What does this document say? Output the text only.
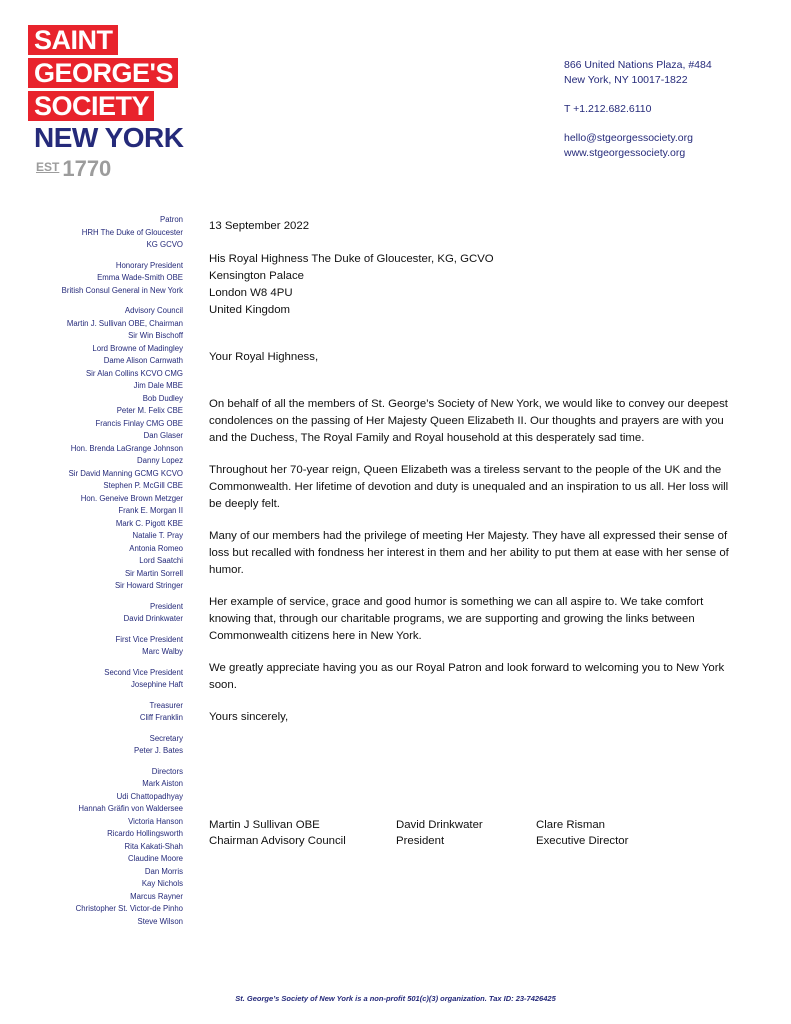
SAINT
GEORGE'S
SOCIETY
NEW YORK
$^{EST}$ 1770
866 United Nations Plaza, #484
New York, NY 10017-1822
T +1.212.682.6110
hello@stgeorgessociety.org
www.stgeorgessociety.org
Patron
HRH The Duke of Gloucester
KG GCVO
Honorary President
Emma Wade-Smith OBE
British Consul General in New York
Advisory Council
Martin J. Sullivan OBE, Chairman
Sir Win Bischoff
Lord Browne of Madingley
Dame Alison Carnwath
Sir Alan Collins KCVO CMG
Jim Dale MBE
Bob Dudley
Peter M. Felix CBE
Francis Finlay CMG OBE
Dan Glaser
Hon. Brenda LaGrange Johnson
Danny Lopez
Sir David Manning GCMG KCVO
Stephen P. McGill CBE
Hon. Geneive Brown Metzger
Frank E. Morgan II
Mark C. Pigott KBE
Natalie T. Pray
Antonia Romeo
Lord Saatchi
Sir Martin Sorrell
Sir Howard Stringer
President
David Drinkwater
First Vice President
Marc Walby
Second Vice President
Josephine Haft
Treasurer
Cliff Franklin
Secretary
Peter J. Bates
Directors
Mark Aiston
Udi Chattopadhyay
Hannah Gräfin von Waldersee
Victoria Hanson
Ricardo Hollingsworth
Rita Kakati-Shah
Claudine Moore
Dan Morris
Kay Nichols
Marcus Rayner
Christopher St. Victor-de Pinho
Steve Wilson

13 September 2022

His Royal Highness The Duke of Gloucester, KG, GCVO
Kensington Palace
London W8 4PU
United Kingdom

Your Royal Highness,

On behalf of all the members of St. George’s Society of New York, we would like to convey our deepest condolences on the passing of Her Majesty Queen Elizabeth II. Our thoughts and prayers are with you and the Duchess, The Royal Family and Royal household at this desperately sad time.

Throughout her 70-year reign, Queen Elizabeth was a tireless servant to the people of the UK and the Commonwealth. Her lifetime of devotion and duty is unequaled and an inspiration to us all. Her loss will be deeply felt.

Many of our members had the privilege of meeting Her Majesty. They have all expressed their sense of loss but recalled with fondness her interest in them and her ability to put them at ease with her sense of humor.

Her example of service, grace and good humor is something we can all aspire to. We take comfort knowing that, through our charitable programs, we are supporting and growing the links between Commonwealth citizens here in New York.

We greatly appreciate having you as our Royal Patron and look forward to welcoming you to New York soon.

Yours sincerely,

Martin J Sullivan OBE
Chairman Advisory Council
David Drinkwater
President
Clare Risman
Executive Director
St. George’s Society of New York is a non-profit 501(c)(3) organization. Tax ID: 23-7426425
